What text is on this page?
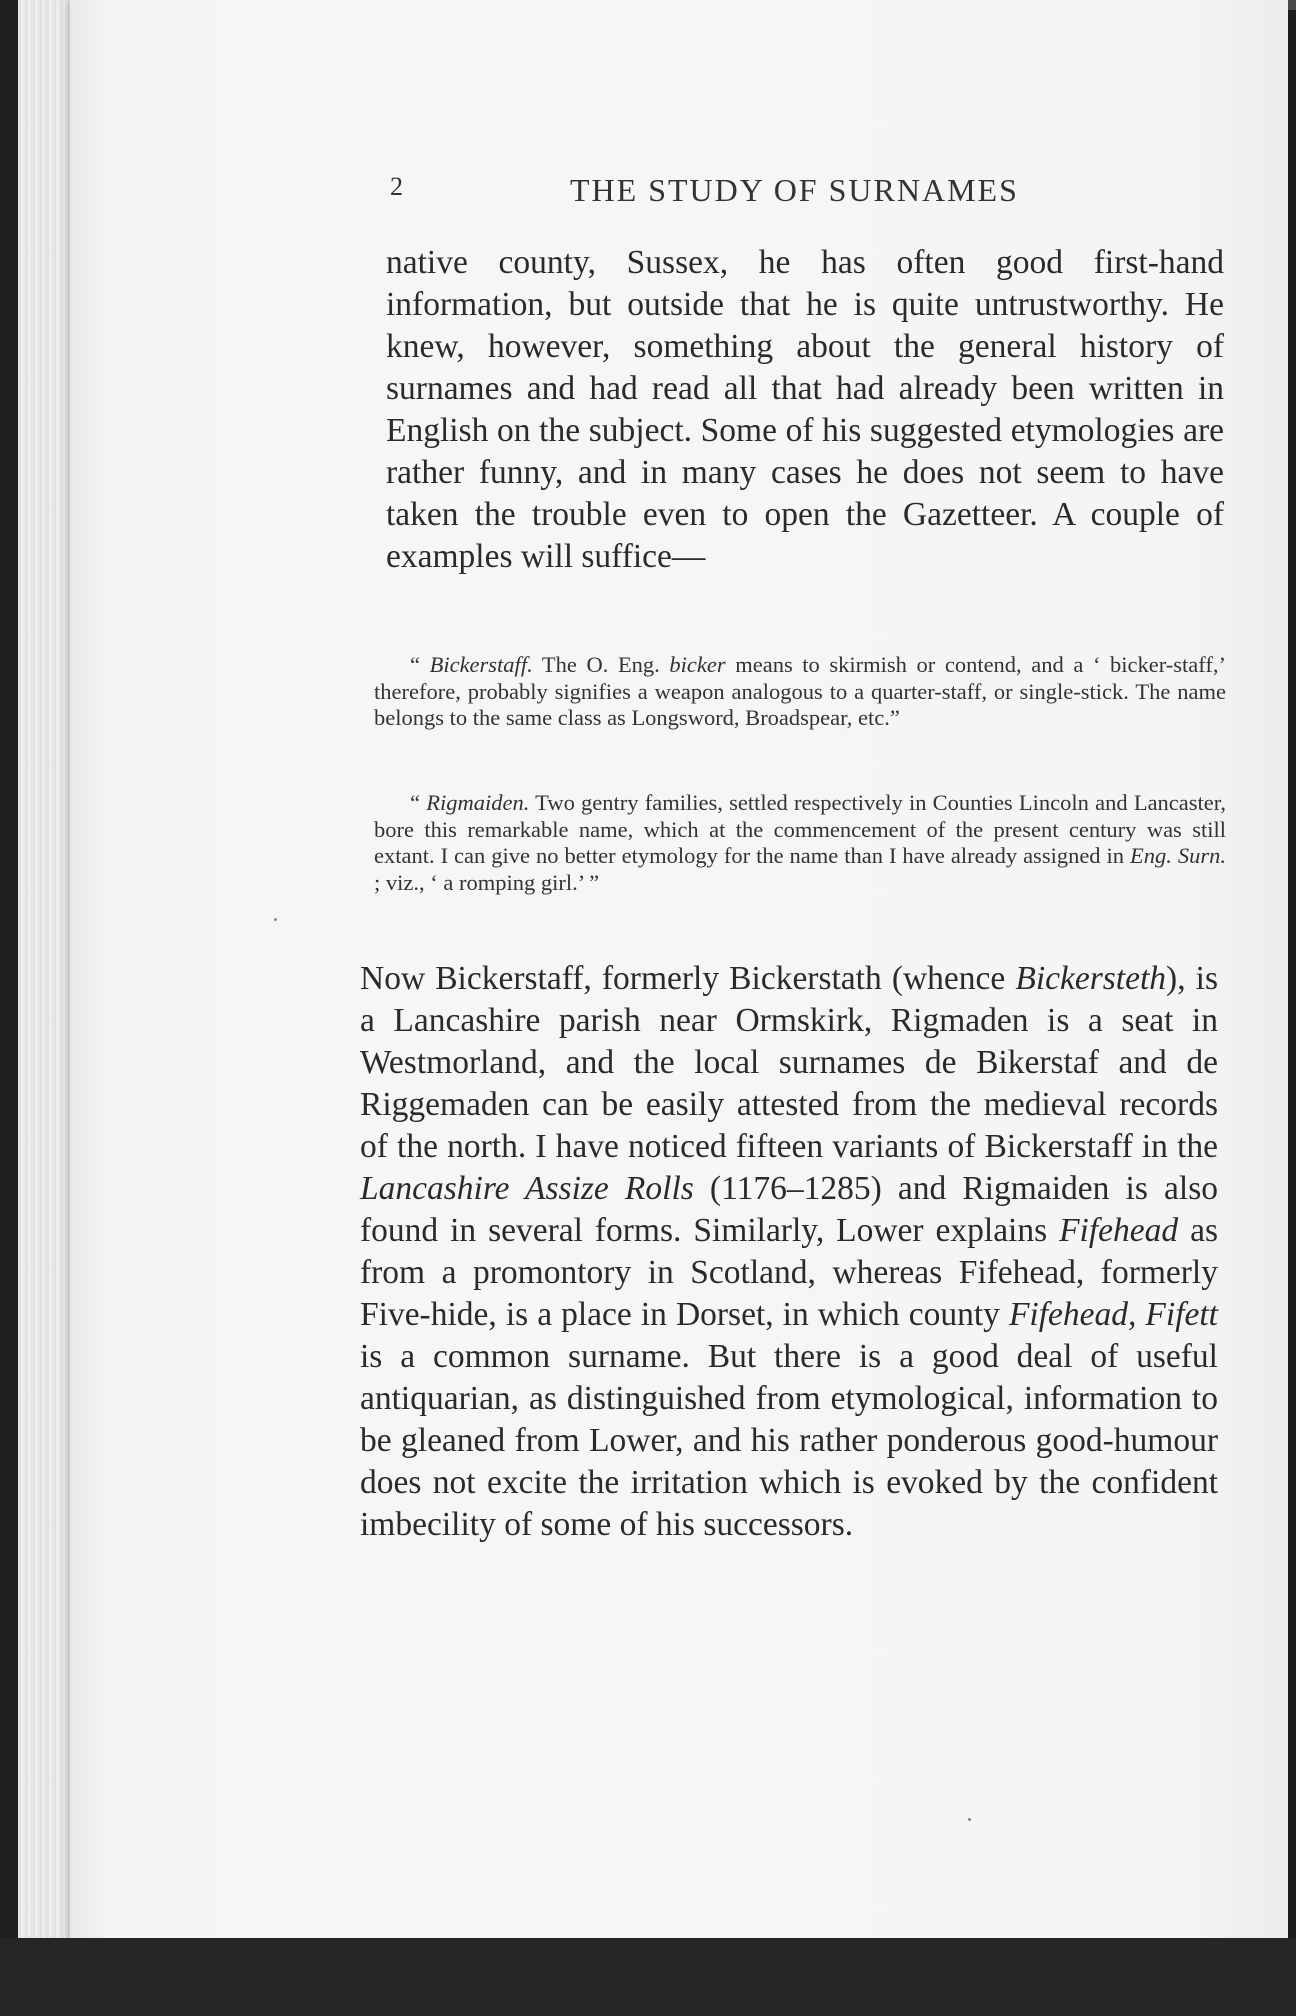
2	THE STUDY OF SURNAMES

native county, Sussex, he has often good first-hand information, but outside that he is quite untrustworthy. He knew, however, something about the general history of surnames and had read all that had already been written in English on the subject. Some of his suggested etymologies are rather funny, and in many cases he does not seem to have taken the trouble even to open the Gazetteer. A couple of examples will suffice—

“ Bickerstaff. The O. Eng. bicker means to skirmish or contend, and a ‘ bicker-staff,’ therefore, probably signifies a weapon analogous to a quarter-staff, or single-stick. The name belongs to the same class as Longsword, Broadspear, etc.”

“ Rigmaiden. Two gentry families, settled respectively in Counties Lincoln and Lancaster, bore this remarkable name, which at the commencement of the present century was still extant. I can give no better etymology for the name than I have already assigned in Eng. Surn. ; viz., ‘ a romping girl.’ ”

Now Bickerstaff, formerly Bickerstath (whence Bickersteth), is a Lancashire parish near Ormskirk, Rigmaden is a seat in Westmorland, and the local surnames de Bikerstaf and de Riggemaden can be easily attested from the medieval records of the north. I have noticed fifteen variants of Bickerstaff in the Lancashire Assize Rolls (1176–1285) and Rigmaiden is also found in several forms. Similarly, Lower explains Fifehead as from a promontory in Scotland, whereas Fifehead, formerly Five-hide, is a place in Dorset, in which county Fifehead, Fifett is a common surname. But there is a good deal of useful antiquarian, as distinguished from etymological, information to be gleaned from Lower, and his rather ponderous good-humour does not excite the irritation which is evoked by the confident imbecility of some of his successors.
